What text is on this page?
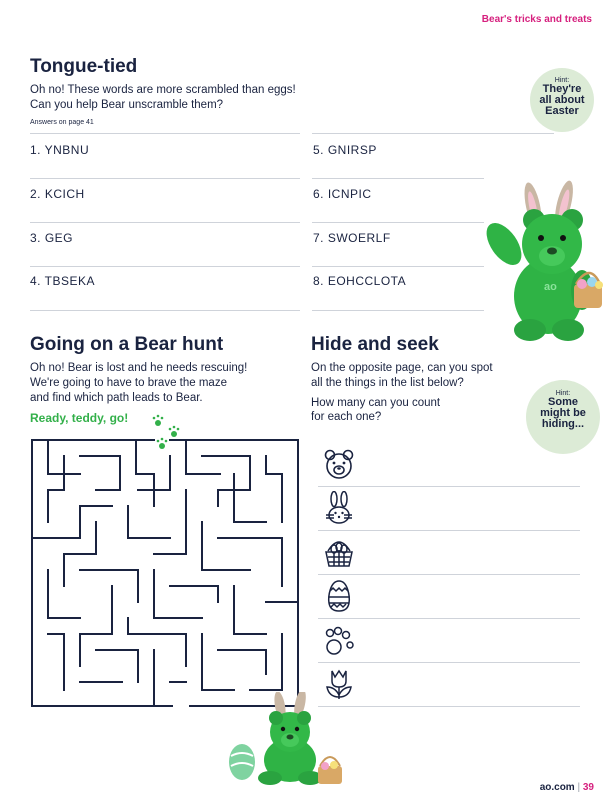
Bear's tricks and treats
Tongue-tied
Oh no! These words are more scrambled than eggs!
Can you help Bear unscramble them?
Answers on page 41
Hint:
They're all about Easter
1. YNBNU
2. KCICH
3. GEG
4. TBSEKA
5. GNIRSP
6. ICNPIC
7. SWOERLF
8. EOHCCLOTA	ao
Going on a Bear hunt
Oh no! Bear is lost and he needs rescuing!
We're going to have to brave the maze
and find which path leads to Bear.
Ready, teddy, go!
Hide and seek
On the opposite page, can you spot
all the things in the list below?
How many can you count
for each one?
Hint:
Some might be hiding...
ao.com | 39
